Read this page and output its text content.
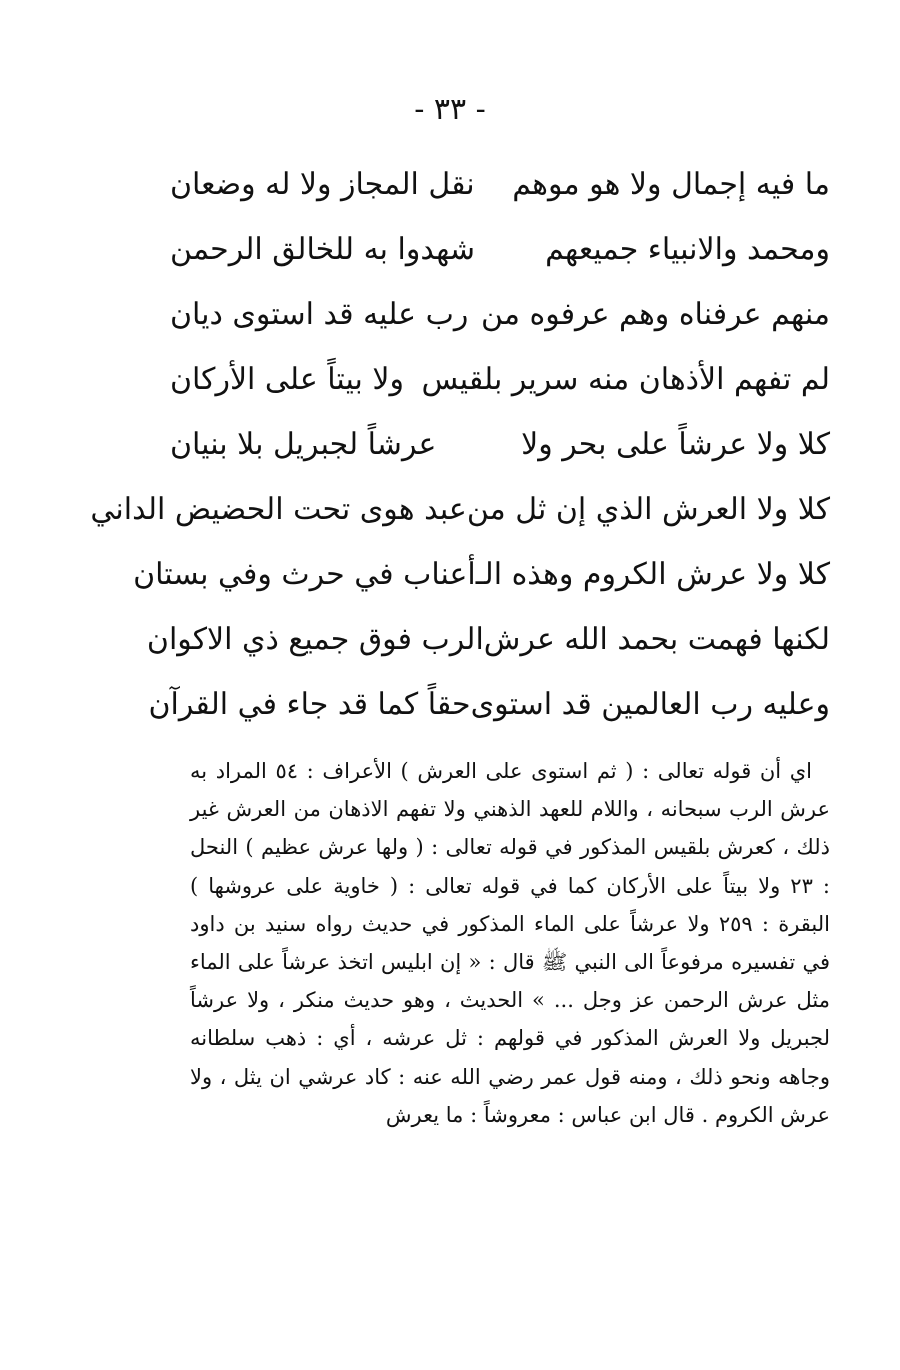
- ٣٣ -
ما فيه إجمال ولا هو موهم
نقل المجاز ولا له وضعان
ومحمد والانبياء جميعهم
شهدوا به للخالق الرحمن
منهم عرفناه وهم عرفوه من
رب عليه قد استوى ديان
لم تفهم الأذهان منه سرير بلقيس
ولا بيتاً على الأركان
كلا ولا عرشاً على بحر ولا
عرشاً لجبريل بلا بنيان
كلا ولا العرش الذي إن ثل من
عبد هوى تحت الحضيض الداني
كلا ولا عرش الكروم وهذه الـ
أعناب في حرث وفي بستان
لكنها فهمت بحمد الله عرش
الرب فوق جميع ذي الاكوان
وعليه رب العالمين قد استوى
حقاً كما قد جاء في القرآن

اي أن قوله تعالى : ( ثم استوى على العرش ) الأعراف : ٥٤ المراد به عرش الرب سبحانه ، واللام للعهد الذهني ولا تفهم الاذهان من العرش غير ذلك ، كعرش بلقيس المذكور في قوله تعالى : ( ولها عرش عظيم ) النحل : ٢٣ ولا بيتاً على الأركان كما في قوله تعالى : ( خاوية على عروشها ) البقرة : ٢٥٩ ولا عرشاً على الماء المذكور في حديث رواه سنيد بن داود في تفسيره مرفوعاً الى النبي ﷺ قال : « إن ابليس اتخذ عرشاً على الماء مثل عرش الرحمن عز وجل ... » الحديث ، وهو حديث منكر ، ولا عرشاً لجبريل ولا العرش المذكور في قولهم : ثل عرشه ، أي : ذهب سلطانه وجاهه ونحو ذلك ، ومنه قول عمر رضي الله عنه : كاد عرشي ان يثل ، ولا عرش الكروم . قال ابن عباس : معروشاً : ما يعرش
